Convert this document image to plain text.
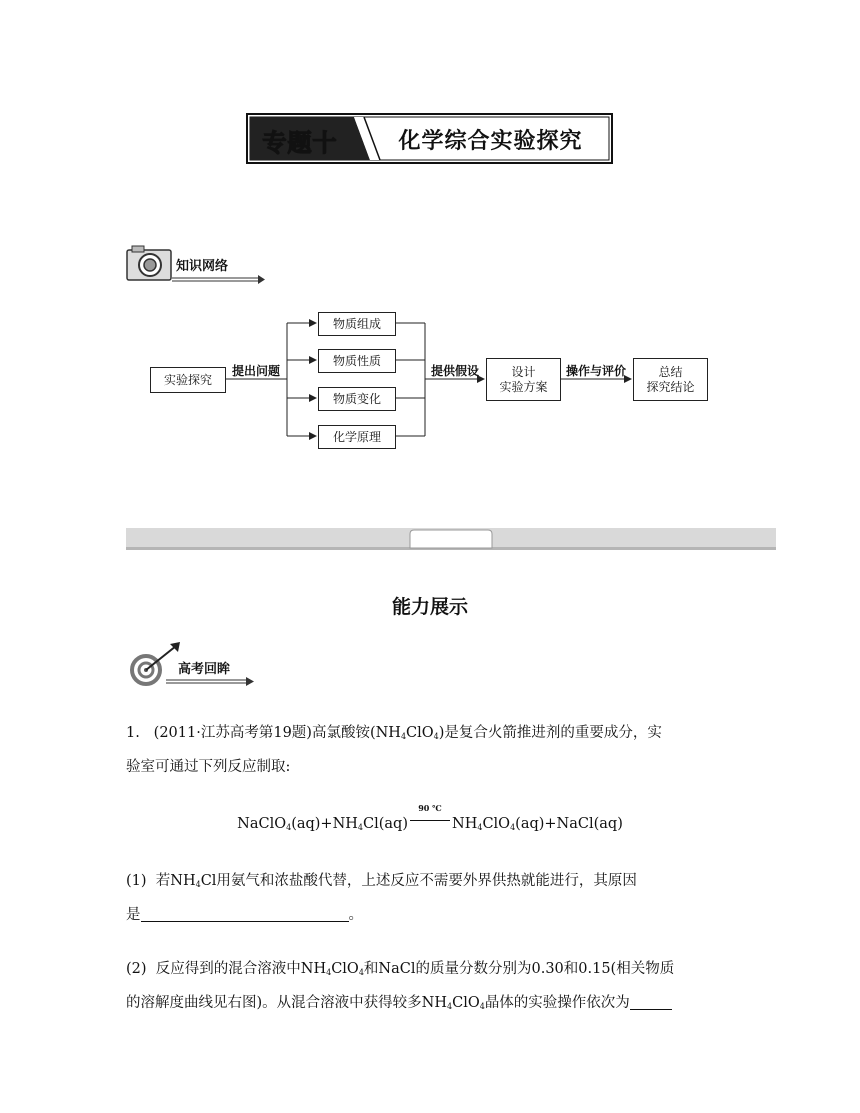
专题十	化学综合实验探究
知识网络
实验探究
提出问题
物质组成
物质性质
物质变化
化学原理
提供假设	设计
实验方案
操作与评价	总结
探究结论
能力展示
高考回眸
1. (2011·江苏高考第19题)高氯酸铵$(NH_4ClO_4)$是复合火箭推进剂的重要成分，实
验室可通过下列反应制取:
$NaClO_4(aq)+NH_4Cl(aq)$
90 ℃
$NH_4ClO_4(aq)+NaCl(aq)$
(1) 若$NH_4Cl$用氨气和浓盐酸代替，上述反应不需要外界供热就能进行，其原因
是	。
(2) 反应得到的混合溶液中$NH_4ClO_4$和NaCl的质量分数分别为0.30和0.15(相关物质
的溶解度曲线见右图)。从混合溶液中获得较多$NH_4ClO_4$晶体的实验操作依次为
